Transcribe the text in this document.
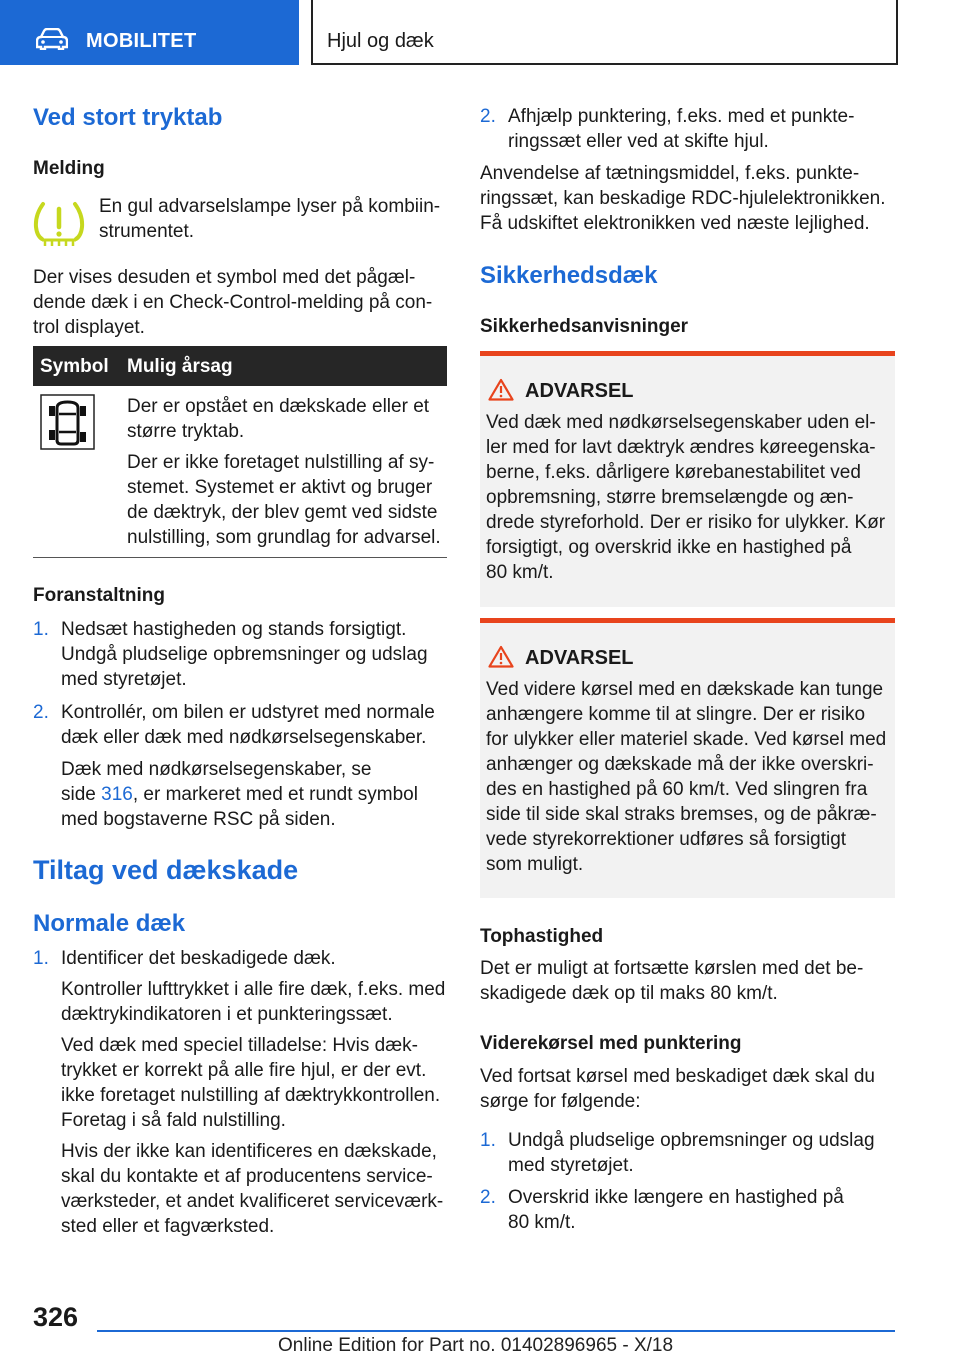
MOBILITET	Hjul og dæk
Ved stort tryktab
Melding
En gul advarselslampe lyser på kombiin-
strumentet.
Der vises desuden et symbol med det pågæl-
dende dæk i en Check-Control-melding på con-
trol displayet.
Symbol Mulig årsag
Der er opstået en dækskade eller et
større tryktab.
Der er ikke foretaget nulstilling af sy-
stemet. Systemet er aktivt og bruger
de dæktryk, der blev gemt ved sidste
nulstilling, som grundlag for advarsel.
Foranstaltning
1. Nedsæt hastigheden og stands forsigtigt.
Undgå pludselige opbremsninger og udslag
med styretøjet.
2. Kontrollér, om bilen er udstyret med normale
dæk eller dæk med nødkørselsegenskaber.
Dæk med nødkørselsegenskaber, se
side 316, er markeret med et rundt symbol
med bogstaverne RSC på siden.
Tiltag ved dækskade
Normale dæk
1. Identificer det beskadigede dæk.
Kontroller lufttrykket i alle fire dæk, f.eks. med
dæktrykindikatoren i et punkteringssæt.
Ved dæk med speciel tilladelse: Hvis dæk-
trykket er korrekt på alle fire hjul, er der evt.
ikke foretaget nulstilling af dæktrykkontrollen.
Foretag i så fald nulstilling.
Hvis der ikke kan identificeres en dækskade,
skal du kontakte et af producentens service-
værksteder, et andet kvalificeret serviceværk-
sted eller et fagværksted.
2. Afhjælp punktering, f.eks. med et punkte-
ringssæt eller ved at skifte hjul.
Anvendelse af tætningsmiddel, f.eks. punkte-
ringssæt, kan beskadige RDC-hjulelektronikken.
Få udskiftet elektronikken ved næste lejlighed.
Sikkerhedsdæk
Sikkerhedsanvisninger
ADVARSEL
Ved dæk med nødkørselsegenskaber uden el-
ler med for lavt dæktryk ændres køreegenska-
berne, f.eks. dårligere kørebanestabilitet ved
opbremsning, større bremselængde og æn-
drede styreforhold. Der er risiko for ulykker. Kør
forsigtigt, og overskrid ikke en hastighed på
80 km/t.
ADVARSEL
Ved videre kørsel med en dækskade kan tunge
anhængere komme til at slingre. Der er risiko
for ulykker eller materiel skade. Ved kørsel med
anhænger og dækskade må der ikke overskri-
des en hastighed på 60 km/t. Ved slingren fra
side til side skal straks bremses, og de påkræ-
vede styrekorrektioner udføres så forsigtigt
som muligt.
Tophastighed
Det er muligt at fortsætte kørslen med det be-
skadigede dæk op til maks 80 km/t.
Viderekørsel med punktering
Ved fortsat kørsel med beskadiget dæk skal du
sørge for følgende:
1. Undgå pludselige opbremsninger og udslag
med styretøjet.
2. Overskrid ikke længere en hastighed på
80 km/t.
326
Online Edition for Part no. 01402896965 - X/18
